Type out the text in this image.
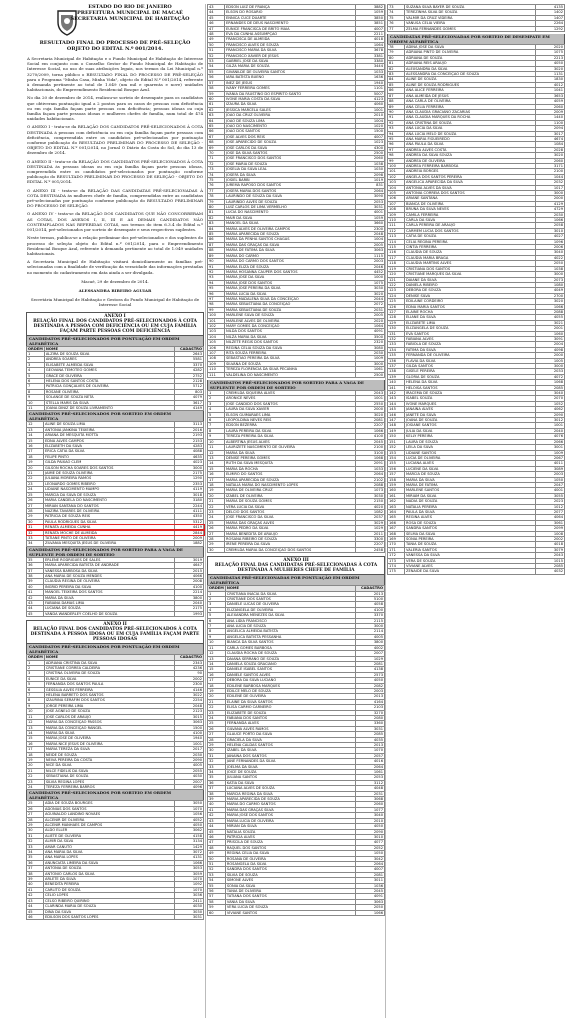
ESTADO DO RIO DE JANEIRO
PREFEITURA MUNICIPAL DE MACAÉ
SECRETARIA MUNICIPAL DE HABITAÇÃO
RESULTADO FINAL DO PROCESSO DE PRÉ-SELEÇÃO OBJETO DO EDITAL N.º 001/2014.

A Secretaria Municipal de Habitação e o Fundo Municipal de Habitação de Interesse Social em conjunto com o Conselho Gestor do Fundo Municipal de Habitação de Interesse Social, no uso de suas atribuições legais, nos termos da Lei Municipal n.º 3270/2009, torna público o RESULTADO FINAL DO PROCESSO DE PRÉ-SELEÇÃO para o Programa "Minha Casa, Minha Vida", objeto do Edital N.º 001/2014, referente à demanda pertinente ao total de 1.049 (um mil e quarenta e nove) unidades habitacionais, do Empreendimento Residencial Bosque Azul.

No dia 20 de dezembro de 2014, realizou-se sorteio de desempate para os candidatos que obtiveram pontuação igual a 2 pontos para os casos de pessoas com deficiência ou em cuja família façam parte pessoas com deficiência; pessoas idosas ou cuja família façam parte pessoas idosas e mulheres chefes de família, num total de 474 unidades habitacionais.

O ANEXO I - trata-se da RELAÇÃO DOS CANDIDATOS PRÉ-SELECIONADOS À COTA DESTINADA à pessoas com deficiência ou em cuja família façam parte pessoas com deficiência, compreendida entre os candidatos pré-selecionados por pontuação conforme publicação do RESULTADO PRELIMINAR DO PROCESSO DE SELEÇÃO - OBJETO DO EDITAL N.º 001/2014, no Jornal O Diário da Costa do Sol, do dia 13 de dezembro de 2014.

O ANEXO II - trata-se da RELAÇÃO DOS CANDIDATOS PRÉ-SELECIONADOS À COTA DESTINADA às pessoas idosas ou em cuja família façam parte pessoas idosas, compreendida entre os candidatos pré-selecionados por pontuação conforme publicação do RESULTADO PRELIMINAR DO PROCESSO DE SELEÇÃO - OBJETO DO EDITAL N.º 001/2014.

O ANEXO III - trata-se da RELAÇÃO DAS CANDIDATAS PRÉ-SELECIONADAS À COTA DESTINADA às mulheres chefe de família, compreendidas entre as candidatas pré-selecionadas por pontuação conforme publicação do RESULTADO PRELIMINAR DO PROCESSO DE SELEÇÃO.

O ANEXO IV - trata-se da RELAÇÃO DOS CANDIDATOS QUE NÃO CONCORRERAM AS COTAS, DOS ANEXOS I, II, III E AS DEMAIS CANDIDATOS NÃO CONTEMPLADOS NAS REFERIDAS COTAS, nos termos do item 6.3.4 do Edital n.º 001/2014, pré-selecionados por sorteio de desempate e seus respectivos suplentes.

Neste termos, publica-se a relação preliminar dos pré-selecionados e dos suplentes do processo de seleção objeto do Edital n.º 001/2014, para o Empreendimento Residencial Bosque Azul, referente à demanda pertinente ao total de 1.049 unidades habitacionais.

A Secretaria Municipal de Habitação visitará domiciliarmente as famílias pré-selecionadas com a finalidade de verificação da veracidade das informações prestadas no momento do cadastramento em data ainda a ser divulgada.

Macaé, 29 de dezembro de 2014.
ALESSANDRA RIBEIRO AGUIAR
Secretária Municipal de Habitação e Gestora do Fundo Municipal de Habitação de Interesse Social
ANEXO I
RELAÇÃO FINAL DOS CANDIDATOS PRÉ-SELECIONADOS À COTA DESTINADA A PESSOA COM DEFICIÊNCIA OU EM CUJA FAMÍLIA FAÇAM PARTE PESSOAS COM DEFICIÊNCIA
CANDIDATOS PRÉ-SELECIONADOS POR PONTUAÇÃO EM ORDEM ALFABÉTICA
ORDEM	NOME	CADASTRO
1	ALZIRA DE SOUZA SILVA	2643
2	ANDREA SOARES	5581
3	ELISABETE ALMEIDA SILVA	3370
4	GEOVANA TEMOTEO GOMES	4282
5	GRACE DE OLIVEIRA	2752
6	HELENA DOS SANTOS COSTA	2128
7	PATRICIA GONÇALVES DE OLIVEIRA	5712
8	ROSANE OLIVEIRA	803
9	SOLANGE DE SOUZA NETA	4079
10	STELLA MARIS DA SILVA	3617
11	JOANA DINIZ DE SOUZA LIVRAMENTO	4149
CANDIDATOS PRÉ-SELECIONADOS POR SORTEIO EM ORDEM ALFABÉTICA
12	ALINE DE SOUZA LIMA	3113
13	ANTONIA JANKINA TEIXEIRA	2016
14	ARIANA DE MESQUITA MOTTA	2193
15	EDNA ALVES CAMPOS	2153
16	ELIZABETH DA SILVA	4283
17	ERICA CATIA DA SILVA	4088
18	FELIPE PINTO	4635
19	GILDA PAIXÃO CLEM	4023
20	GILSON ROCHA SOARES DOS SANTOS	3000
21	JAIME DE SOUZA OLIVEIRA	2175
22	JULIANA MOREIRA RAMOS	1290
23	LEONARDO GOMES RIBEIRO	2353
24	LIDIANE NASCIMENTO MAMPO	4119
25	MARCIA DA SILVA DE SOUZA	3018
26	MARIA CANDELA DO NASCIMENTO	3180
27	MIRIAN SANTANA DO SANTOS	2244
28	NAZIRA TAVARES DE OLIVEIRA	4111
29	PATRICIA DE SOUZA REIS	4350
30	PAULA RODRIGUES DA SILVA	5312
31	RENATA ALMEIDA CUNHA	4419
32	RENATA MOCHE DE ALMEIDA	2844
33	TATIANE PINTO DE OLIVEIRA	2009
34	ZILVANIA MESQUITA JESUS DE OLIVEIRA	1882
CANDIDATOS PRÉ-SELECIONADOS POR SORTEIO PARA A VAGA DE SUPLENTE POR ORDEM DE SORTEIO
35	ERLENE RODRIGUES DE SALES	3019
36	MARIA APARECIDA BATISTA DE ANDRADE	4647
37	VANESSA BARBOSA DA SILVA	2015
38	ANA MARIA DE SOUZA MENDES	4066
39	CLAUDIA REGINA DE OLIVEIRA	2008
40	INGRID PEREIRA DA SILVA	4100
41	MANOEL TEIXEIRA DOS SANTOS	2214
42	MARIA DA SILVA	3800
43	FABIANA DAMAS LIMA	2040
44	LUCIANA DE SOUZA	2175
45	VANDA WANDERLEY COELHO DE SOUZA	1993
ANEXO II
RELAÇÃO FINAL DOS CANDIDATOS PRÉ-SELECIONADOS À COTA DESTINADA À PESSOA IDOSA OU EM CUJA FAMÍLIA FAÇAM PARTE PESSOAS IDOSAS
CANDIDATOS PRÉ-SELECIONADOS POR PONTUAÇÃO EM ORDEM ALFABÉTICA
ORDEM	NOME	CADASTRO
1	ADRIANA CRISTINA DA SILVA	2343
2	CRISTIANE CORREA CALDEIRA	4236
3	CRISTINA OLIVEIRA DE SOUZA	90
4	EUNICE DA SILVA	2002
5	FERNANDA DOS SANTOS PAULA	2300
6	GESSILIA ALVES FERREIRA	4146
7	HELENA BARRETO DOS SANTOS	3022
8	IZAURINA SERAFIM DOS SANTOS	2254
9	JORGE PEREIRA LIMA	2048
10	JOSE AGNELO DE SOUZA	2123
11	JOSE CARLOS DE ARAUJO	3015
12	MARIA DA CONCEIÇÃO PASSOS	3063
13	MARIA DA CONCEIÇÃO RANGEL	1500
14	MARIA DA SILVA	4100
15	MARIA JOSE DE OLIVEIRA	1940
16	MARIA NICE JESUS DE OLIVEIRA	1001
17	MARIA TEREZA DA SILVA	2017
18	NEIDE DE SOUZA	2030
19	NEIVA PEREIRA DA COSTA	2090
20	NICE DA SILVA	4005
21	NILCE FIDELIS DA SILVA	2055
22	SEBASTIANA DE SOUZA	4030
23	SILVIA REGINA LOPES	2007
24	TEREZA FERREIRA BARROS	4096
CANDIDATOS PRÉ-SELECIONADOS POR SORTEIO EM ORDEM ALFABÉTICA
25	ADIA DE SOUZA BOURGES	3050
26	ADONIAS DOS SANTOS	1070
27	AGUINALDO LANDINO NOVAES	1056
28	ALCENIR DE OLIVEIRA	4052
29	ALCENIR MANHÃES DE CAMPOS	4050
30	ALDO ELLER	3062
31	ALIETE DE OLIVEIRA	4158
32	ALMIR DA SILVA	3134
33	AMAR CANUTO	1429
34	ANA MARIA DA SILVA	3072
35	ANA MARIA LOPES	4131
36	ANUNCIATA LIMEIRA DA SILVA	1066
37	ANTONIA DE SOUZA	3053
38	ANTONIO CARLOS DA SILVA	3059
39	ARLETE DA SILVA	1070
40	BENEDITA PEREIRA	1092
41	CARLITO DE SOUZA	1070
42	CELIO LOPES	3036
43	CELSO RIBEIRO QUIRINO	2411
44	CLARINDA MARIA DE SOUZA	4030
45	DINA DA SILVA	3030
46	EDILSON DOS SANTOS LOPES	3031
43	EDSON LUIZ DE FRANÇA	3882
44	ELSON DO ROSARIO	1059
45	ENNICA CUCE DUARTE	3850
46	ERNANDES DE DEUS NASCIMENTO	3851
47	EUNICE FRANCISCA DE BRITO MAIA	4007
48	EVA DA CUNHA ASSUMPÇÃO	2211
49	FRANCISCA DE ALMEIDA	4018
50	FRANCISCO ALVES DE SOUZA	1064
51	FRANCISCO MARIA DA SILVA	3678
52	FRANCISCO XAVIER DE JESUS	3381
53	GABRIEL JOSE DA SILVA	3380
54	GILZA MARIA DE SOUZA	3444
55	GIVANILDE DE OLIVEIRA SANTOS	1033
56	IARA BATISTA BUENO	1636
57	INEZ DE JESUS	1940
58	IVANY FERREIRA GOMES	1101
59	IVANIA DA FAUSTINO DO ESPIRITO SANTO	5007
60	IVONE MARIA COSTA DA SILVA	4123
61	IZAURA DA SILVA	4060
62	JESSICA MARCELA SALES	1001
63	JOÃO DA CRUZ OLIVEIRA	2010
64	JOÃO DE SOUZA LIMA	1004
65	JOÃO DO NASCIMENTO	1020
66	JOÃO DOS SANTOS	1500
67	JOSE ALVES DOS REIS	4007
68	JOSE APARECIDO DE SOUZA	1023
69	JOSE CARLOS DA SILVA	4300
70	JOSE DA SILVA SANTOS	2500
71	JOSE FRANCISCO DOS SANTOS	2060
72	JOSE MARIA DE SOUZA	1038
73	JOSELIA DA SILVA LEAL	1030
74	JOSEFA DA SILVA	2098
75	JOSIEL BARBI	1019
76	JUREMA RAPOSO DOS SANTOS	831
77	JOSEFA MARIA DOS SANTOS	2064
78	LAURINDO DE SOUZA DA SILVA	3090
79	LAURINDO ALVES DE SOUZA	2053
80	LUIZ CARLOS DE LIMA VERMELHO	3031
81	LUCIA DO NASCIMENTO	4001
82	MAIR DA SILVA	1059
83	MANOEL DA SILVA	3660
84	MARIA ALVES DE OLIVEIRA CAMPOS	2300
85	MARIA APARECIDA DE SOUZA	2048
86	MARIA DA PENHA SANTOS CHAGAS	1004
87	MARIA DAS GRAÇAS DA SILVA	2005
88	MARIA DE FATIMA DA SILVA	3063
89	MARIA DO CARMO	1115
90	MARIA DO CARMO DOS SANTOS	2003
91	MARIA ELIZA DE SOUZA	2046
92	MARIA HOSANNA CAUPER DOS SANTOS	4452
93	MARIA JOSE DA SILVA	1000
94	MARIA JOSE DOS SANTOS	1075
95	MARIA JOSE PEREIRA DA SILVA	3030
96	MARIA LUCIA DA SILVA	3020
97	MARIA MADALENA SILVA DA CONCEIÇÃO	2044
98	MARIA SEBASTIANA DA CONCEIÇÃO	2072
99	MARIA SEBASTIANA DE SOUZA	2031
100	MARLENE SILVA DE SOUZA	2005
101	MARLENE ALVES DE OLIVEIRA	2020
102	MARY GOMES DA CONCEIÇÃO	1064
103	NILDA DOS SANTOS	4091
104	NILZA MARIA DA SILVA	3500
105	NILZETE REGIS DOS SANTOS	2320
106	REGINA CELIA SOUZA DA SILVA	3080
107	RITA SOUZA FERREIRA	2030
108	SEBASTIÃO PEREIRA DA SILVA	1009
109	SILVANA DE SOUZA	3000
110	TEREZA FLORENCIA DA SILVA PECANHA	1061
111	VALDELINA DO NASCIMENTO	2500
CANDIDATOS PRÉ-SELECIONADOS POR SORTEIO PARA A VAGA DE SUPLENTE POR ORDEM DE SORTEIO
1	CREMILDA SIQUEIRA ALVES	2043
2	ARONICE NEVES	1001
3	JOSE CANDIDO DOS SANTOS	2550
4	LAURA DA SILVA XAVIER	2000
5	ELSON GUIMARÃES LIMA	3020
6	LEOPOLDINA NEVES REIS	2081
7	EDSON BEZERRA	2207
8	LAURA PEREIRA DA SILVA	1066
9	TEREZA PEREIRA DA SILVA	4100
10	ALBERTINA JESUS ALVES	2045
11	LAURIZETE NASCIMENTO DE OLIVEIRA	2100
12	MARIA DA SILVA	3100
13	DENISE PEREIRA GOMES	1068
14	RUTH DA SILVA MESQUITA	2091
15	MARIA DA ROCHA	1033
16	ELMIRO DO SANTOS	2064
17	MARIA APARECIDA DE SOUZA	2102
18	NATALIA MARIA DO NASCIMENTO LOPES	2088
19	MARIA DE OLIVEIRA CRUZ	1073
20	IZABEL DE OLIVEIRA	3030
21	MARIA DE SOUZA GOMES	2150
22	VERA LUCIA DA SILVA	4020
23	DELCIO DOS SANTOS	1082
24	JOSE FRANCISCO DA SILVA	2037
25	MARIA DAS GRAÇAS ALVES	3029
26	MARIA PEDRO DA SILVA	1029
27	MARIA BENEDITA DE ARAUJO	2011
28	ROSANA RIBEIRO DE SOUZA	3300
29	IRENE PEREIRA DA SILVA	2207
30	CREMILDA MARIA DA CONCEIÇÃO DOS SANTOS	2458
ANEXO III
RELAÇÃO FINAL DAS CANDIDATAS PRÉ-SELECIONADAS À COTA DESTINADA À MULHERES CHEFE DE FAMÍLIA
CANDIDATAS PRÉ-SELECIONADAS POR PONTUAÇÃO EM ORDEM ALFABÉTICA
ORDEM	NOME	CADASTRO
1	CRISTIANA INACIA DA SILVA	2013
2	CRISTIANE DOS SANTOS	5100
3	DANIELE LUCAS DE OLIVEIRA	4058
4	ELIZANGELA DE OLIVEIRA	4100
5	ALEXANDRA MENEZES DA SILVA	3370
6	ANA LIDIA FRANCISCO	2115
7	ANA LUCIA DE SOUZA	3000
8	ANGELICA ALMEIDA BATISTA	2114
9	ANGELICA BATISTA PESSANHA	4005
10	BIANCA DA SILVA SANTOS	3800
11	CARLA GOMES BARBOSA	4002
12	CLAUDIA ROCHA DE SOUZA	2007
13	DAIANA SERRANO DE SOUZA	1029
14	DANIELA SOUZA GRACIANO	2081
15	DANIELE ISABEL SANTOS	4138
16	DANIELE SANTOS ALVES	2573
17	DEBORA DA SILVA LUCIANO	4050
18	EDILENE BARBOSA MARQUES	2082
19	EDILCE MELO DE SOUZA	2003
20	EDILENE DE OLIVEIRA	2013
21	ELAINE DA SILVA SANTOS	4164
22	ELISA CARMO CARNEIRO	2103
23	ELIZABETE DE SOUZA	3270
24	FABIANA DOS SANTOS	2080
25	FERNANDA ALVES	3360
26	GILVANA ALVES RAMOS	3031
27	GLAUCE PORTO DA SILVA	2085
28	GRACIELA DA SILVA	4035
29	HELENA CALDAS SANTOS	2013
30	IZABEL DA SILVA	1070
31	JANAINA DOS SANTOS	2057
32	JANE FERNANDES DA SILVA	4016
33	JOELMA DA SILVA	2064
34	JOICE DE SOUZA	1061
35	JULIANA SANTOS	2053
36	KATIA DA SILVA	3112
37	LUCIANA ALVES DE SOUZA	4048
38	MARCIA REGINA DA SILVA	2031
39	MARIA APARECIDA DE SOUZA	3068
40	MARIA DO CARMO SANTOS	2060
41	MARIA DAS GRAÇAS SILVA	1077
42	MARIA JOSE DOS SANTOS	3040
43	MARIA LUCIA DE OLIVEIRA	2010
44	MIRIAN DA SILVA	4050
45	NATALIA SOUZA	2090
46	PATRICIA ALVES	3010
47	PRISCILA DE SOUZA	4077
48	RAQUEL DOS SANTOS	2052
49	REGINA CELIA DA SILVA	1050
50	ROSANA DE OLIVEIRA	3042
51	ROSANGELA DA SILVA	2064
52	SANDRA DOS SANTOS	4007
53	SILVIA DE SOUZA	2081
54	SIMONE ALVES	3011
55	SONIA DA SILVA	1036
56	TANIA DE OLIVEIRA	2045
57	TATIANA DOS SANTOS	4091
58	VANIA DA SILVA	3063
59	VERA LUCIA DE SOUZA	2050
60	VIVIANE SANTOS	1066
73	SUZANA SILVA BAYER DE SOUZA	4135
74	TEREZINHA SILVA DE SOUZA	1402
75	VALMIR DA CRUZ VIDEIRA	1407
76	VANUSA CELIA VIEIRA	2264
77	ZELMA FERNANDES GOMES	1292
CANDIDATAS PRÉ-SELECIONADAS POR SORTEIO DE DESEMPATE EM ORDEM ALFABÉTICA
78	ADINA JOSE DA SILVA	2020
79	ADRIANA PINTO DE OLIVEIRA	1075
80	ADRIANA DE SOUZA	2213
81	ADRIANA REIS ARAUJO	4050
82	ALEXSANDRA DA SILVA	3020
83	ALESSANDRA DA CONCEIÇÃO DE SOUZA	1131
84	ALINE DE SOUZA	1830
85	ALINE DE SOUZA RODRIGUES	4012
86	ANA ALICE FERREIRA	1041
87	ANA ALMEIDA DE JESUS	3653
88	ANA CARLA DE OLIVEIRA	4059
89	ANA CELIA FERREIRA	2060
90	ANA CLAUDIA GRACIANO ZACARIAS	2009
91	ANA CLAUDIA MARQUES DA ROCHA	1440
92	ANA CRISTINA DE SOUZA	1100
93	ANA LUCIA DA SILVA	2094
94	ANA LUCIA MELO DE SOUZA	3017
95	ANA MARIA FIGUEIREDO	4674
96	ANA PAULA DA SILVA	1084
97	ANDREA ALVES COSTA	2028
98	ANDREA DA SILVA SOUZA	3020
99	ANDREA DE OLIVEIRA	2060
100	ANDREA FERREIRA BARBOSA	3171
101	ANDREIA BORGES	2100
102	ANGELA DOS SANTOS PEREIRA	1044
103	ANGELICA APARECIDA DA SILVA	2032
104	ANTONIA ALVES DA SILVA	1017
105	ANTONIA CORREIA DOS SANTOS	3000
106	ARIANE SANTANA	2000
107	BIANCA DE OLIVEIRA	4129
108	BRUNA DA SILVA NEVES	4729
109	CAMILA FERREIRA	2030
110	CARLA DA SILVA	1066
111	CARLA PEREIRA DE ARAUJO	2058
112	CARMEM LUCIA DOS SANTOS	3010
113	CATIA DE SOUZA	4027
114	CELIA REGINA PEREIRA	1096
115	CINTIA FERREIRA	2006
116	CLAUDIA DE SOUZA	3040
117	CLAUDIA MARIA BRAGA	4022
118	CLAUDIA MARTINS ALVES	2050
119	CRISTIANA DOS SANTOS	1038
120	CRISTIANE MARQUES DA SILVA	3000
121	DAIANE DA SILVA	2073
122	DANIELA RIBEIRO	1080
123	DEBORA DE SOUZA	4049
124	DENISE SILVA	2700
125	EDILAINE CORDEIRO	3020
126	EDNA MARIA SANTOS	1066
127	ELAINE ROCHA	2088
128	ELIANE DA SILVA	4055
129	ELIZABETE LIMA	3021
130	ELIZANGELA DE SOUZA	2001
131	EVA SANTOS	1060
132	FABIANA ALVES	3091
133	FABIOLA DE SOUZA	2004
134	FATIMA DA SILVA	4098
135	FERNANDA DE OLIVEIRA	2000
136	FLAVIA DA SILVA	1005
137	GILDA SANTOS	3000
138	GISELE PEREIRA	2033
139	GLORIA DE SOUZA	4072
140	HELENA DA SILVA	1068
141	HELOISA SANTOS	2085
142	IRACEMA DE SOUZA	3040
143	ISABEL SOUZA	2070
144	IVONE MARQUES	1052
145	JANAINA ALVES	4062
146	JANETE DA SILVA	2090
147	JOANA DE SOUZA	3012
148	JOSIANE SANTOS	1001
149	JULIA DA SILVA	2040
150	KELLY PEREIRA	4076
151	LAURA DE SOUZA	2066
152	LEILA DA SILVA	3001
153	LIDIANE SANTOS	1009
154	LUCIA DE OLIVEIRA	2067
155	LUCIANA ALVES	4011
156	LUCIENE DA SILVA	3089
157	MARCIA DE SOUZA	2003
158	MARIA DA SILVA	1050
159	MARIA DE FATIMA	2047
160	MARLENE SANTOS	4001
161	MIRIAM DA SILVA	3055
162	NADIA DE SOUZA	2023
163	NATALIA PEREIRA	1012
164	PAULA DA SILVA	2077
165	REGINA ALVES	4064
166	ROSA DE SOUZA	3061
167	SANDRA SANTOS	2099
168	SELMA DA SILVA	1008
169	SONIA PEREIRA	2002
170	TANIA DE SOUZA	4018
171	VALERIA SANTOS	3079
172	VANESSA DA SILVA	2043
173	VERA DE SOUZA	1015
174	VIVIANE ALVES	2085
175	ZENAIDE DA SILVA	4032
